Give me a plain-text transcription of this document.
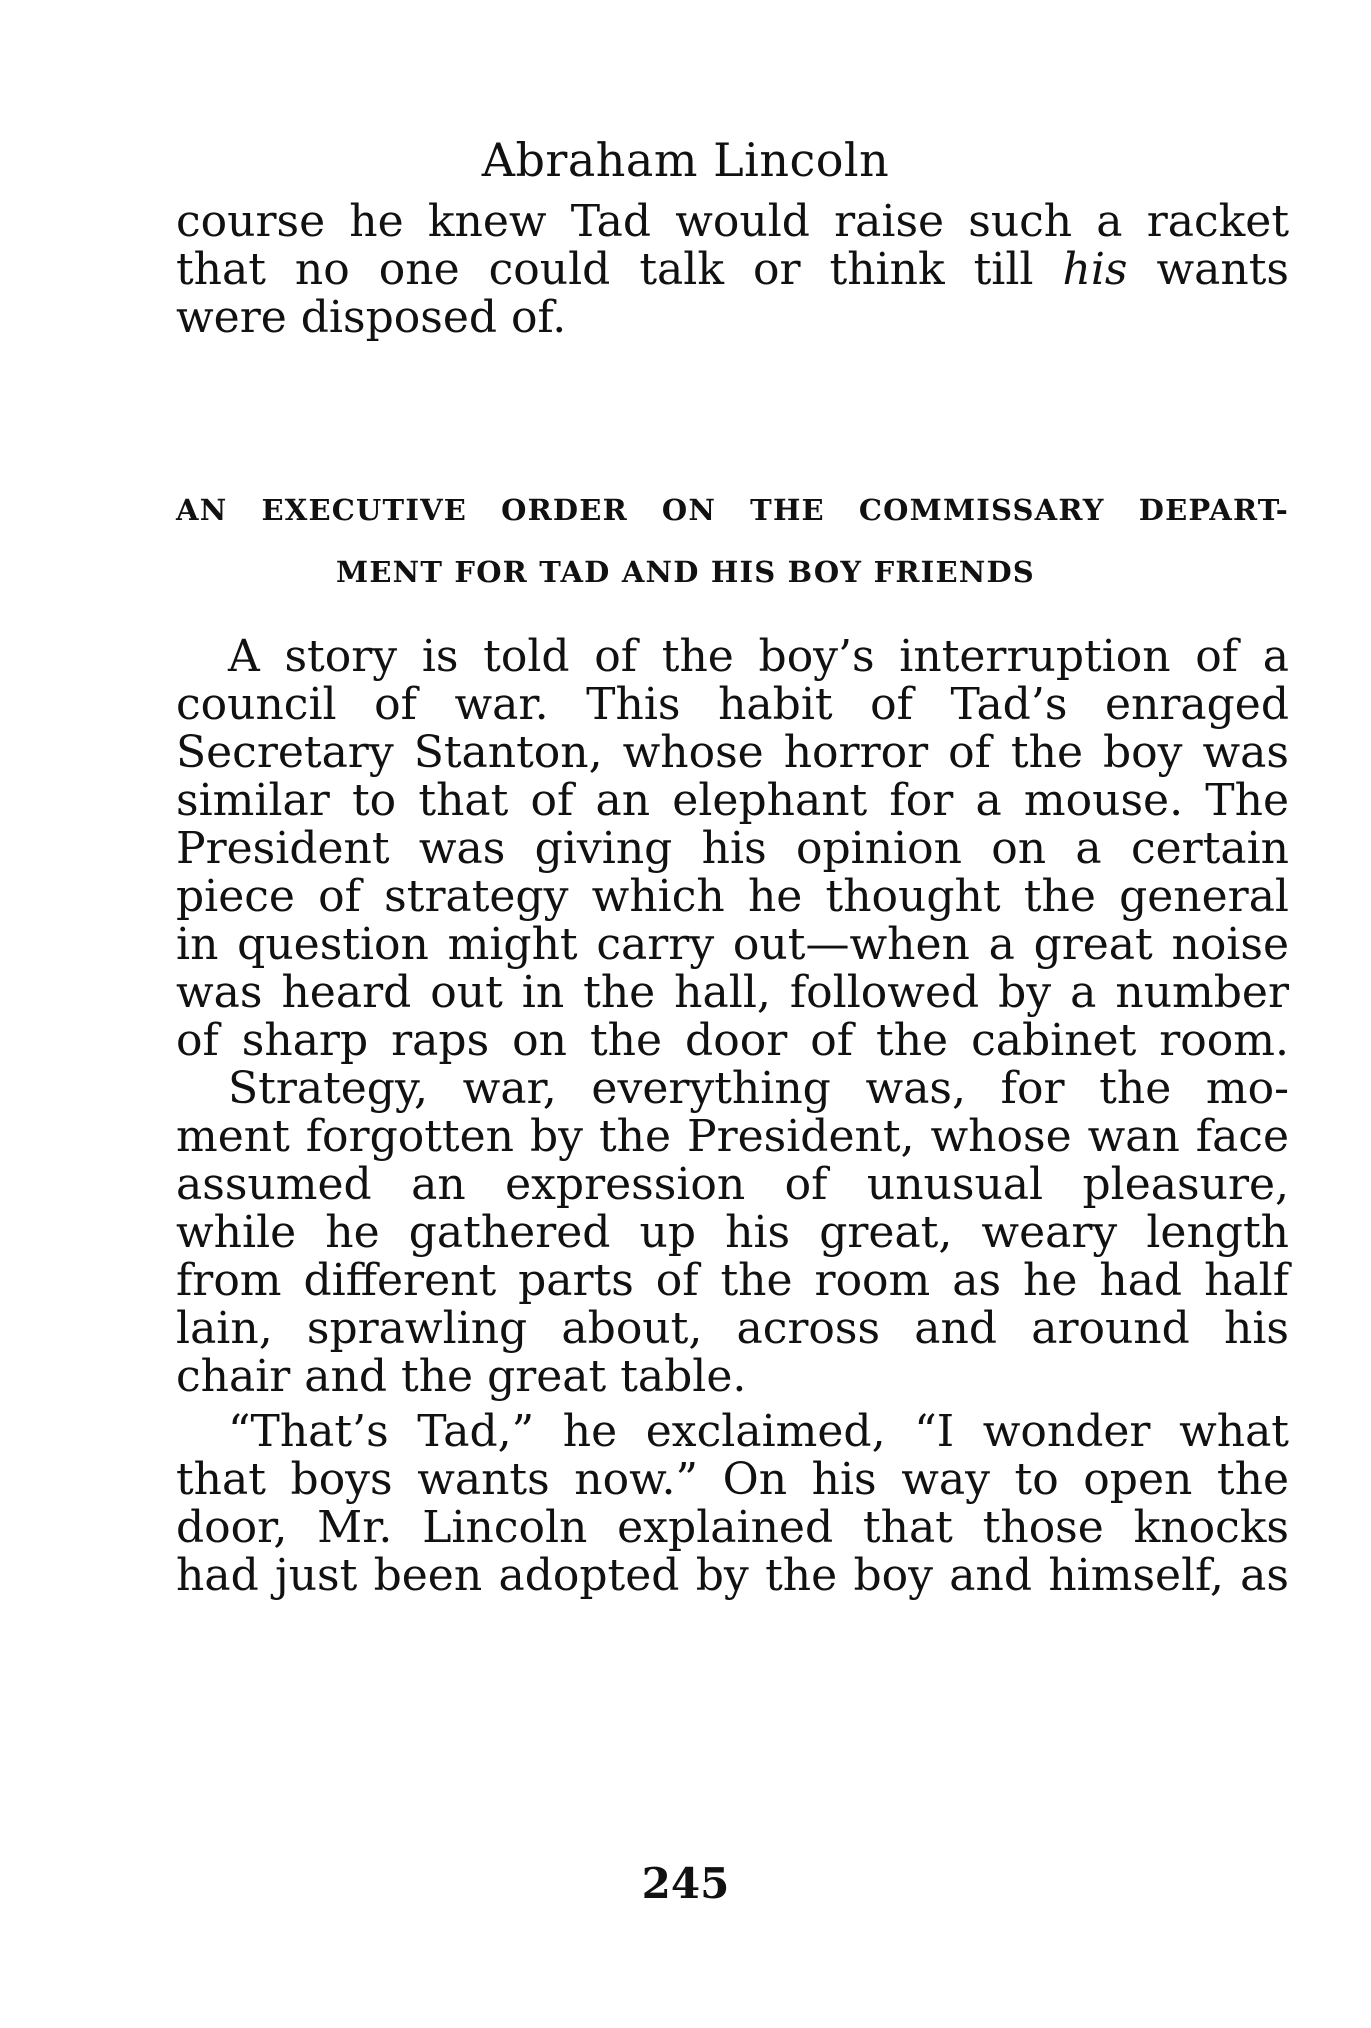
Abraham Lincoln
course he knew Tad would raise such a racket
that no one could talk or think till his wants
were disposed of.
AN EXECUTIVE ORDER ON THE COMMISSARY DEPART-
MENT FOR TAD AND HIS BOY FRIENDS
A story is told of the boy’s interruption of a
council of war. This habit of Tad’s enraged
Secretary Stanton, whose horror of the boy was
similar to that of an elephant for a mouse. The
President was giving his opinion on a certain
piece of strategy which he thought the general
in question might carry out—when a great noise
was heard out in the hall, followed by a number
of sharp raps on the door of the cabinet room.
Strategy, war, everything was, for the mo-
ment forgotten by the President, whose wan face
assumed an expression of unusual pleasure,
while he gathered up his great, weary length
from different parts of the room as he had half
lain, sprawling about, across and around his
chair and the great table.
“That’s Tad,” he exclaimed, “I wonder what
that boys wants now.” On his way to open the
door, Mr. Lincoln explained that those knocks
had just been adopted by the boy and himself, as
245
